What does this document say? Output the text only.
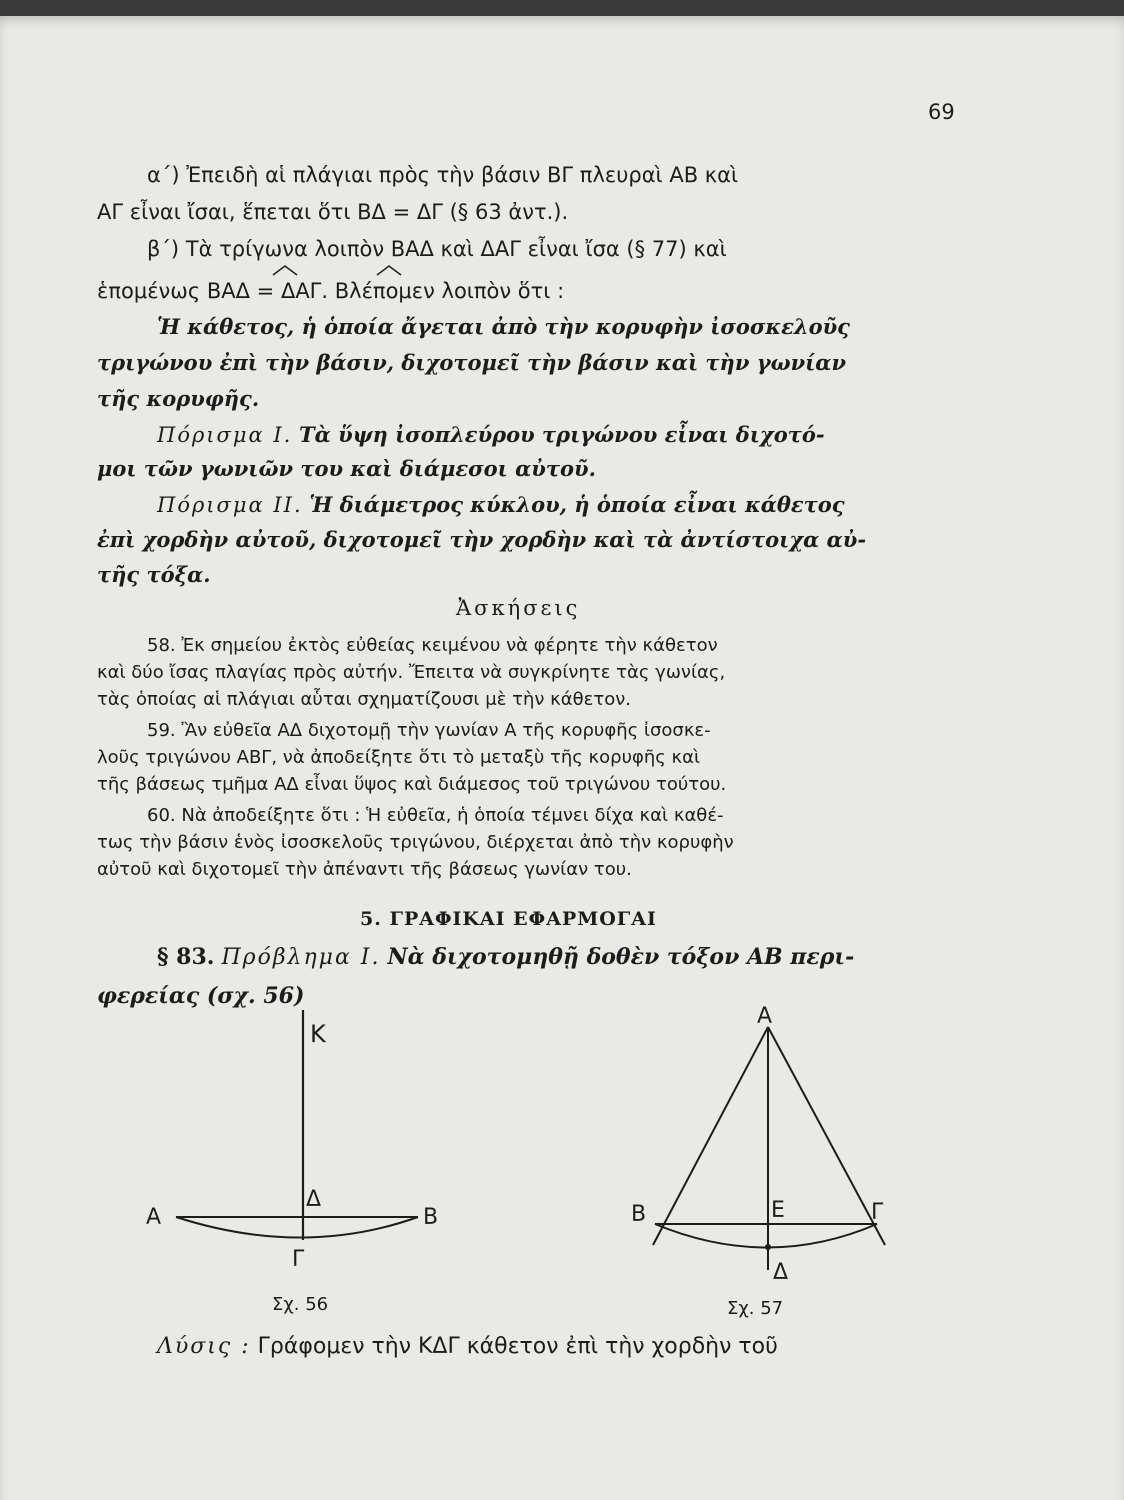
69
α΄) Ἐπειδὴ αἱ πλάγιαι πρὸς τὴν βάσιν ΒΓ πλευραὶ ΑΒ καὶ
ΑΓ εἶναι ἴσαι, ἕπεται ὅτι ΒΔ = ΔΓ (§ 63 ἀντ.).
β΄) Τὰ τρίγωνα λοιπὸν ΒΑΔ καὶ ΔΑΓ εἶναι ἴσα (§ 77) καὶ
ἑπομένως ΒΑΔ = ΔΑΓ. Βλέπομεν λοιπὸν ὅτι :
Ἡ κάθετος, ἡ ὁποία ἄγεται ἀπὸ τὴν κορυφὴν ἰσοσκελοῦς
τριγώνου ἐπὶ τὴν βάσιν, διχοτομεῖ τὴν βάσιν καὶ τὴν γωνίαν
τῆς κορυφῆς.
Πόρισμα Ι. Τὰ ὕψη ἰσοπλεύρου τριγώνου εἶναι διχοτό-
μοι τῶν γωνιῶν του καὶ διάμεσοι αὐτοῦ.
Πόρισμα ΙΙ. Ἡ διάμετρος κύκλου, ἡ ὁποία εἶναι κάθετος
ἐπὶ χορδὴν αὐτοῦ, διχοτομεῖ τὴν χορδὴν καὶ τὰ ἀντίστοιχα αὐ-
τῆς τόξα.
Ἀσκήσεις
58. Ἐκ σημείου ἐκτὸς εὐθείας κειμένου νὰ φέρητε τὴν κάθετον
καὶ δύο ἴσας πλαγίας πρὸς αὐτήν. Ἔπειτα νὰ συγκρίνητε τὰς γωνίας,
τὰς ὁποίας αἱ πλάγιαι αὗται σχηματίζουσι μὲ τὴν κάθετον.
59. Ἂν εὐθεῖα ΑΔ διχοτομῇ τὴν γωνίαν Α τῆς κορυφῆς ἰσοσκε-
λοῦς τριγώνου ΑΒΓ, νὰ ἀποδείξητε ὅτι τὸ μεταξὺ τῆς κορυφῆς καὶ
τῆς βάσεως τμῆμα ΑΔ εἶναι ὕψος καὶ διάμεσος τοῦ τριγώνου τούτου.
60. Νὰ ἀποδείξητε ὅτι : Ἡ εὐθεῖα, ἡ ὁποία τέμνει δίχα καὶ καθέ-
τως τὴν βάσιν ἑνὸς ἰσοσκελοῦς τριγώνου, διέρχεται ἀπὸ τὴν κορυφὴν
αὐτοῦ καὶ διχοτομεῖ τὴν ἀπέναντι τῆς βάσεως γωνίαν του.
5. ΓΡΑΦΙΚΑΙ ΕΦΑΡΜΟΓΑΙ
§ 83. Πρόβλημα Ι. Νὰ διχοτομηθῇ δοθὲν τόξον ΑΒ περι-
φερείας (σχ. 56)
Κ
Α	Β
Δ
Γ
Σχ. 56
Α
Β	Ε	Γ
Δ
Σχ. 57
Λύσις : Γράφομεν τὴν ΚΔΓ κάθετον ἐπὶ τὴν χορδὴν τοῦ
